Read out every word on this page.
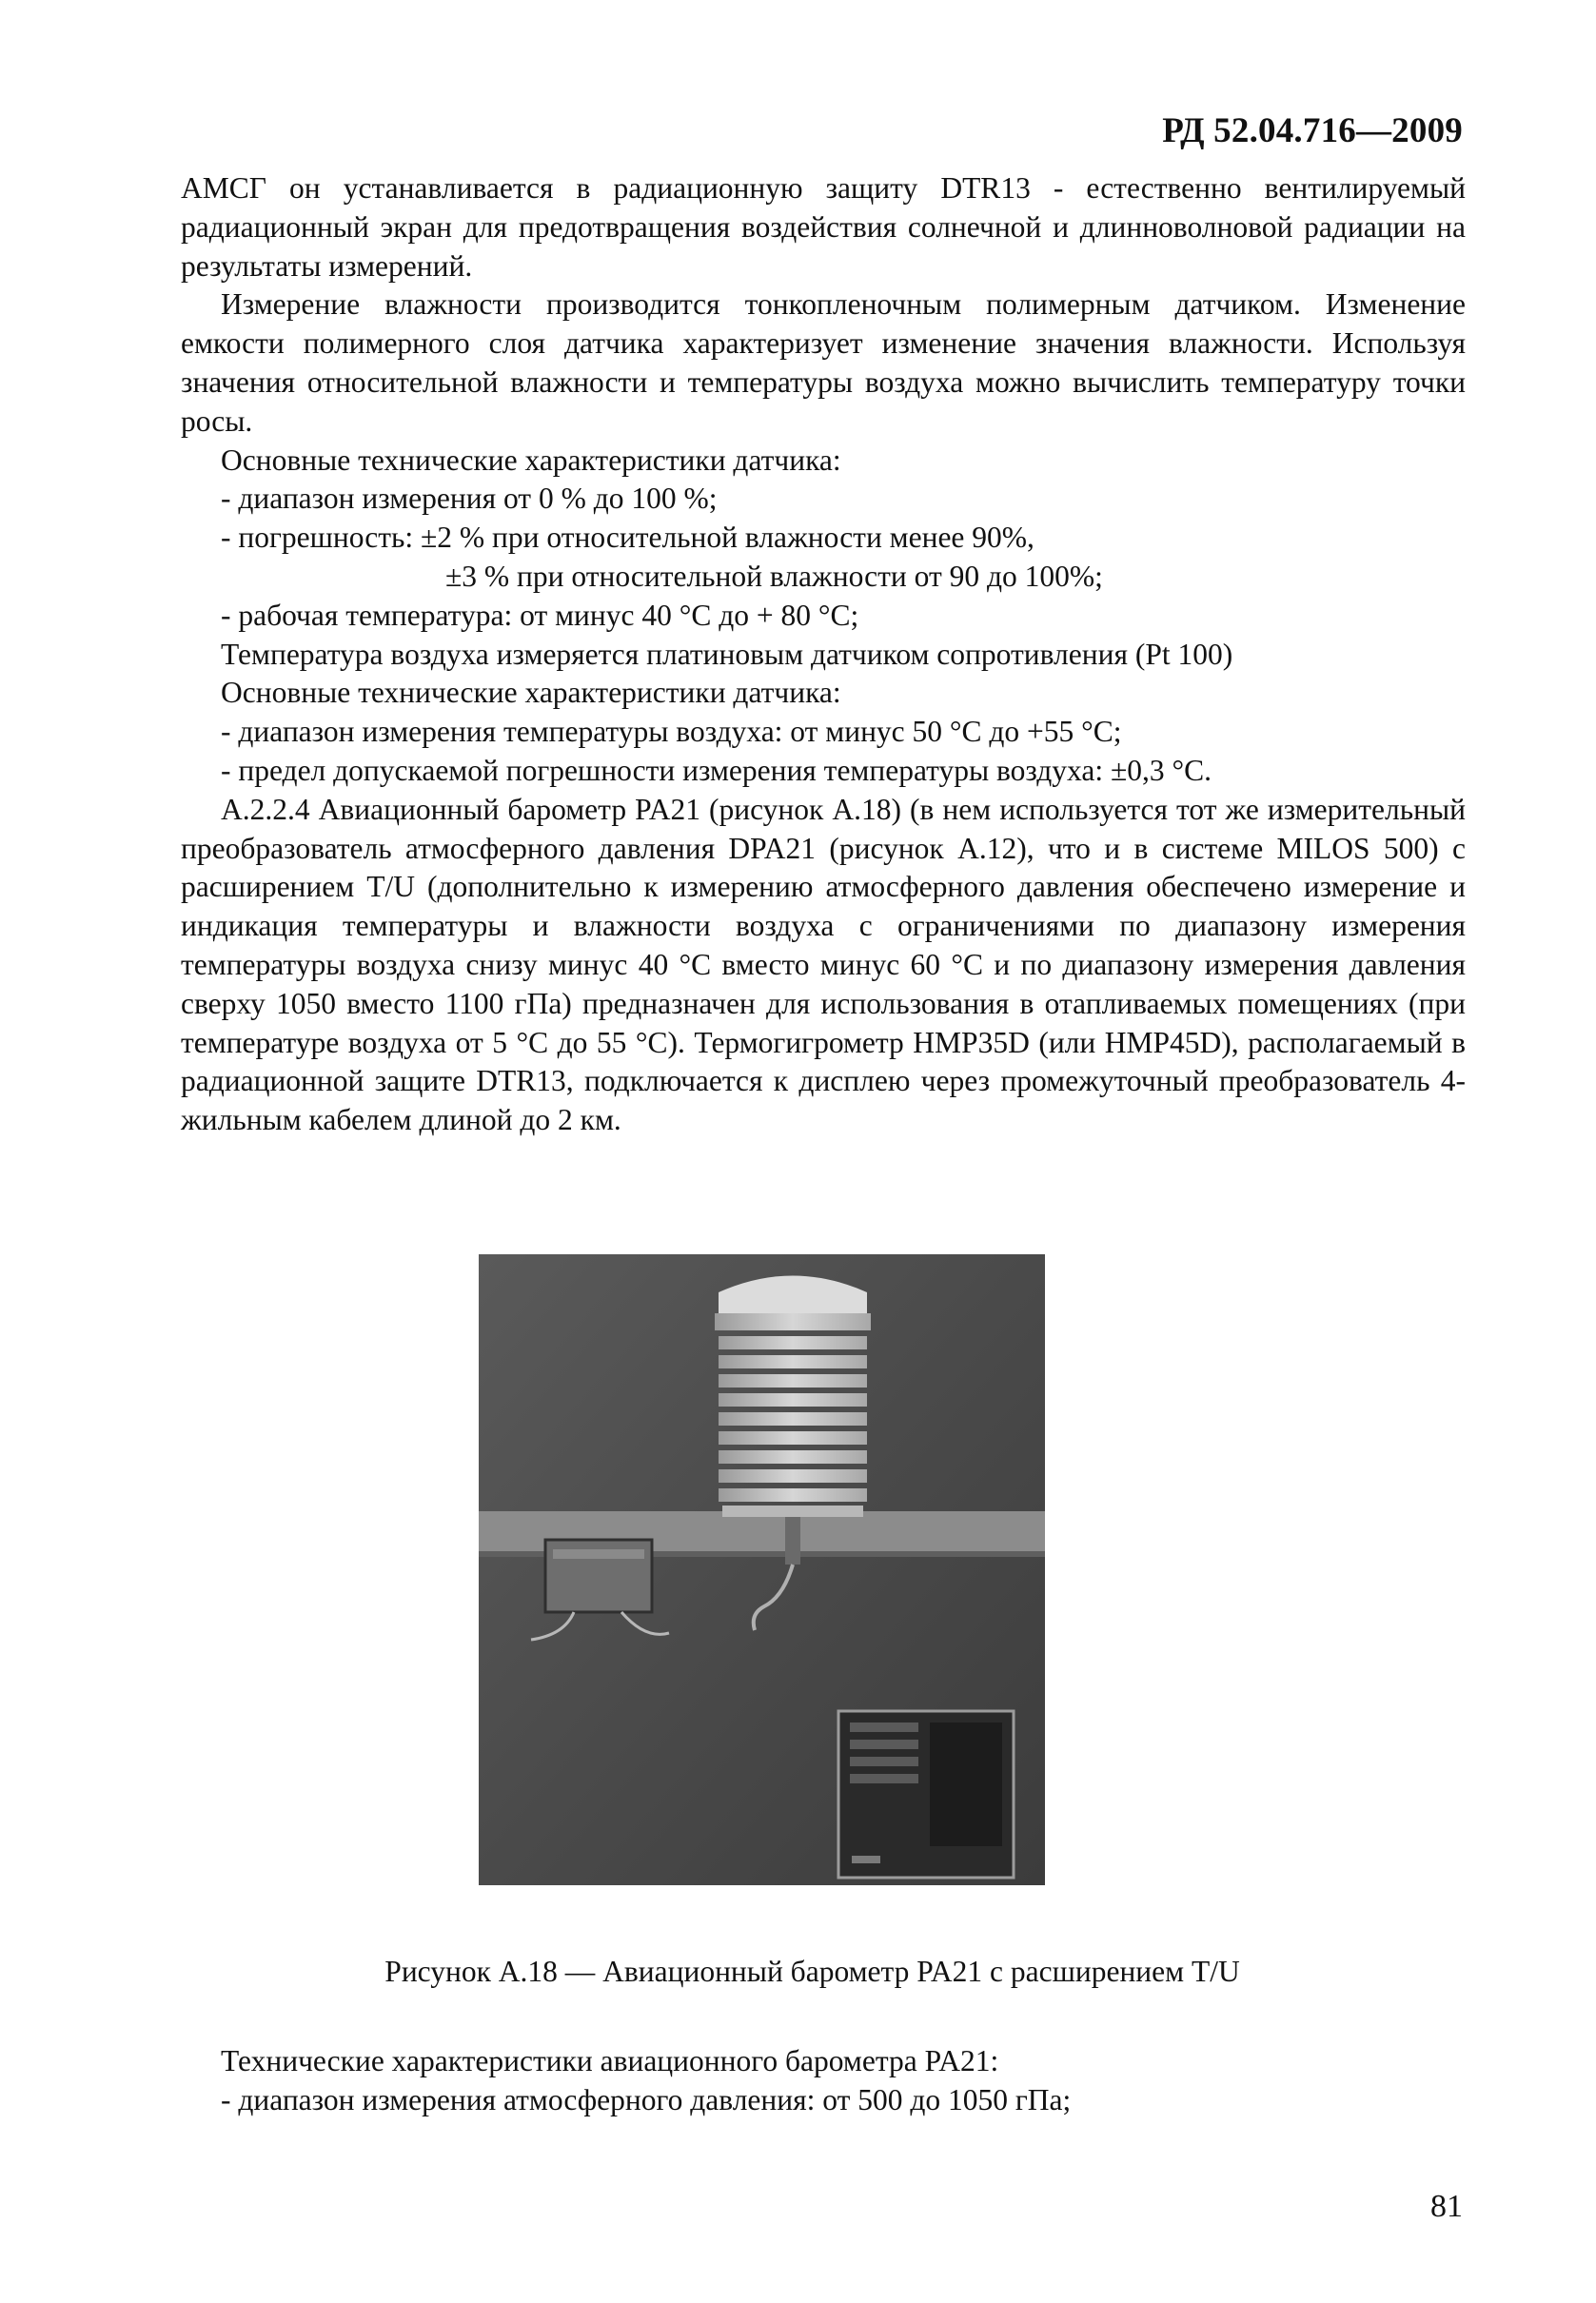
РД 52.04.716—2009

АМСГ он устанавливается в радиационную защиту DTR13 - естественно вентилируемый радиационный экран для предотвращения воздействия солнечной и длинноволновой радиации на результаты измерений.

Измерение влажности производится тонкопленочным полимерным датчиком. Изменение емкости полимерного слоя датчика характеризует изменение значения влажности. Используя значения относительной влажности и температуры воздуха можно вычислить температуру точки росы.

Основные технические характеристики датчика:

- диапазон измерения от 0 % до 100 %;

- погрешность: ±2 % при относительной влажности менее 90%,

±3 % при относительной влажности от 90 до 100%;

- рабочая температура: от минус 40 °С до + 80 °С;

Температура воздуха измеряется платиновым датчиком сопротивления (Pt 100)

Основные технические характеристики датчика:

- диапазон измерения температуры воздуха: от минус 50 °С до +55 °С;

- предел допускаемой погрешности измерения температуры воздуха: ±0,3 °С.

А.2.2.4 Авиационный барометр PA21 (рисунок А.18) (в нем используется тот же измерительный преобразователь атмосферного давления DPA21 (рисунок А.12), что и в системе MILOS 500) с расширением T/U (дополнительно к измерению атмосферного давления обеспечено измерение и индикация температуры и влажности воздуха с ограничениями по диапазону измерения температуры воздуха снизу минус 40 °С вместо минус 60 °С и по диапазону измерения давления сверху 1050 вместо 1100 гПа) предназначен для использования в отапливаемых помещениях (при температуре воздуха от 5 °С до 55 °С). Термогигрометр HMP35D (или HMP45D), располагаемый в радиационной защите DTR13, подключается к дисплею через промежуточный преобразователь 4-жильным кабелем длиной до 2 км.

Рисунок А.18 — Авиационный барометр PA21 с расширением T/U

Технические характеристики авиационного барометра PA21:

- диапазон измерения атмосферного давления: от 500 до 1050 гПа;

81
